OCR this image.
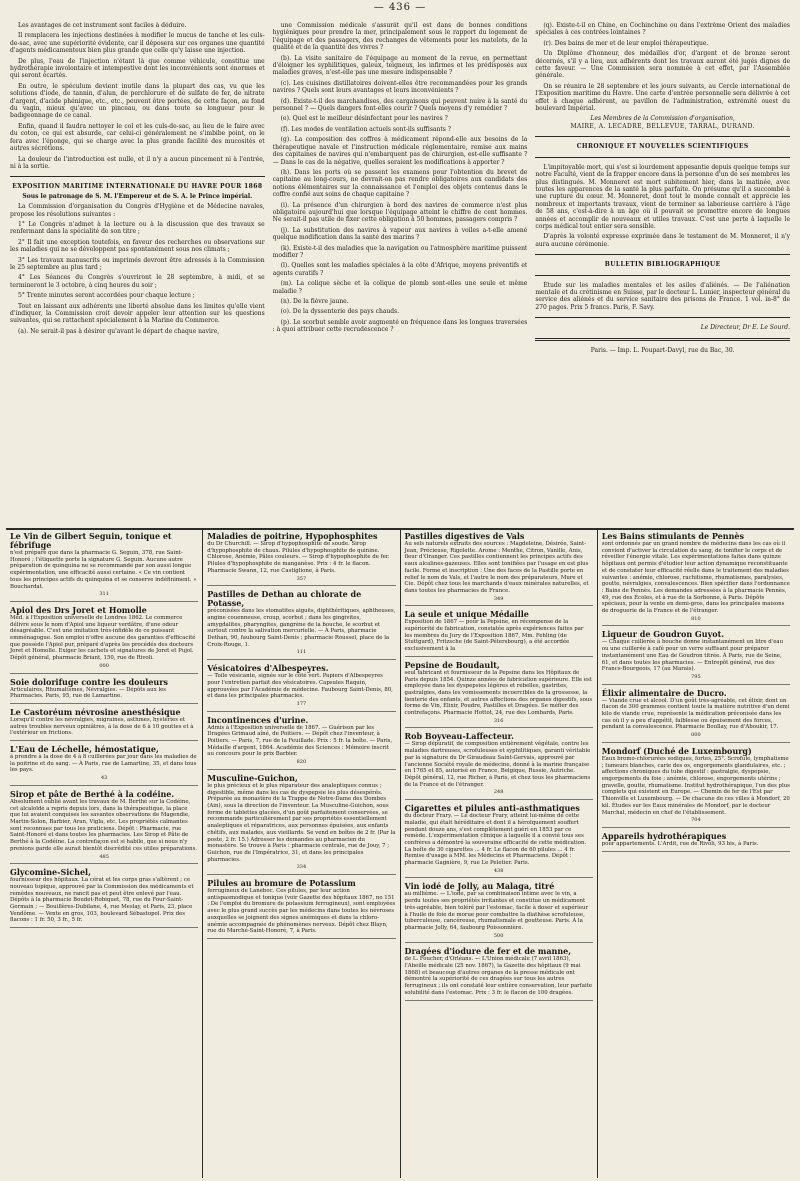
— 436 —

Les avantages de cet instrument sont faciles à déduire.

Il remplacera les injections destinées à modifier le mucus de tanche et les culs-de-sac, avec une supériorité évidente, car il déposera sur ces organes une quantité d'agents médicamenteux bien plus grande que celle qu'y laisse une injection.

De plus, l'eau de l'injection n'étant là que comme véhicule, constitue une hydrothérapie involontaire et intempestive dont les inconvénients sont énormes et qui seront écartés.

En outre, le spéculum devient inutile dans la plupart des cas, vu que les solutions d'iode, de tannin, d'alun, de perchlorure et de sulfate de fer, de nitrate d'argent, d'acide phénique, etc., etc., peuvent être portées, de cette façon, au fond du vagin, mieux qu'avec un pinceau, ou dans toute sa longueur pour le badigeonnage de ce canal.

Enfin, quand il faudra nettoyer le col et les culs-de-sac, au lieu de le faire avec du coton, ce qui est absurde, car celui-ci généralement ne s'imbibe point, on le fera avec l'éponge, qui se charge avec la plus grande facilité des mucosités et autres sécrétions.

La douleur de l'introduction est nulle, et il n'y a aucun pincement ni à l'entrée, ni à la sortie.

EXPOSITION MARITIME INTERNATIONALE DU HAVRE POUR 1868
Sous le patronage de S. M. l'Empereur et de S. A. le Prince impérial.

La Commission d'organisation du Congrès d'Hygiène et de Médecine navales, propose les résolutions suivantes :

1° Le Congrès n'admet à la lecture ou à la discussion que des travaux se renfermant dans la spécialité de son titre ;

2° Il fait une exception toutefois, en faveur des recherches ou observations sur les maladies qui ne se développent pas spontanément sous nos climats ;

3° Les travaux manuscrits ou imprimés devront être adressés à la Commission le 25 septembre au plus tard ;

4° Les Séances du Congrès s'ouvriront le 28 septembre, à midi, et se termineront le 3 octobre, à cinq heures du soir ;

5° Trente minutes seront accordées pour chaque lecture ;

Tout en laissant aux adhérents une liberté absolue dans les limites qu'elle vient d'indiquer, la Commission croit devoir appeler leur attention sur les questions suivantes, qui se rattachent spécialement à la Marine du Commerce.

(a). Ne serait-il pas à désirer qu'avant le départ de chaque navire,

une Commission médicale s'assurât qu'il est dans de bonnes conditions hygiéniques pour prendre la mer, principalement sous le rapport du logement de l'équipage et des passagers, des rechanges de vêtements pour les matelots, de la qualité et de la quantité des vivres ?

(b). La visite sanitaire de l'équipage au moment de la revue, en permettant d'éloigner les syphilitiques, galeux, teigneux, les infirmes et les prédisposés aux maladies graves, n'est-elle pas une mesure indispensable ?

(c). Les cuisines distillatoires doivent-elles être recommandées pour les grands navires ? Quels sont leurs avantages et leurs inconvénients ?

(d). Existe-t-il des marchandises, des cargaisons qui peuvent nuire à la santé du personnel ? — Quels dangers font-elles courir ? Quels moyens d'y remédier ?

(e). Quel est le meilleur désinfectant pour les navires ?

(f). Les modes de ventilation actuels sont-ils suffisants ?

(g). La composition des coffres à médicament répond-elle aux besoins de la thérapeutique navale et l'instruction médicale réglementaire, remise aux mains des capitaines de navires qui n'embarquent pas de chirurgien, est-elle suffisante ? — Dans le cas de la négative, quelles seraient les modifications à apporter ?

(h). Dans les ports où se passent les examens pour l'obtention du brevet de capitaine au long-cours, ne devrait-on pas rendre obligatoires aux candidats des notions élémentaires sur la connaissance et l'emploi des objets contenus dans le coffre confié aux soins de chaque capitaine ?

(i). La présence d'un chirurgien à bord des navires de commerce n'est plus obligatoire aujourd'hui que lorsque l'équipage atteint le chiffre de cent hommes. Ne serait-il pas utile de fixer cette obligation à 50 hommes, passagers compris ?

(j). La substitution des navires à vapeur aux navires à voiles a-t-elle amené quelque modification dans la santé des marins ?

(k). Existe-t-il des maladies que la navigation ou l'atmosphère maritime puissent modifier ?

(l). Quelles sont les maladies spéciales à la côte d'Afrique, moyens préventifs et agents curatifs ?

(m). La colique sèche et la colique de plomb sont-elles une seule et même maladie ?

(n). De la fièvre jaune.

(o). De la dyssenterie des pays chauds.

(p). Le scorbut semble avoir augmenté en fréquence dans les longues traversées : à quoi attribuer cette recrudescence ?

(q). Existe-t-il en Chine, en Cochinchine ou dans l'extrême Orient des maladies spéciales à ces contrées lointaines ?

(r). Des bains de mer et de leur emploi thérapeutique.

Un Diplôme d'honneur, des médailles d'or, d'argent et de bronze seront décernés, s'il y a lieu, aux adhérents dont les travaux auront été jugés dignes de cette faveur. — Une Commission sera nommée à cet effet, par l'Assemblée générale.

On se réunira le 28 septembre et les jours suivants, au Cercle international de l'Exposition maritime du Havre. Une carte d'entrée personnelle sera délivrée à cet effet à chaque adhérent, au pavillon de l'administration, extrémité ouest du boulevard Impérial.

Les Membres de la Commission d'organisation,
MAIRE, A. LECADRE, BELLEVUE, TARRAL, DURAND.
CHRONIQUE ET NOUVELLES SCIENTIFIQUES

L'impitoyable mort, qui s'est si lourdement appesantie depuis quelque temps sur notre Faculté, vient de la frapper encore dans la personne d'un de ses membres les plus distingués. M. Monneret est mort subitement hier, dans la matinée, avec toutes les apparences de la santé la plus parfaite. On présume qu'il a succombé à une rupture du cœur. M. Monneret, dont tout le monde connaît et apprécie les nombreux et importants travaux, vient de terminer sa laborieuse carrière à l'âge de 58 ans, c'est-à-dire à un âge où il pouvait se promettre encore de longues années et accomplir de nouveaux et utiles travaux. C'est une perte à laquelle le corps médical tout entier sera sensible.

D'après la volonté expresse exprimée dans le testament de M. Monneret, il n'y aura aucune cérémonie.

BULLETIN BIBLIOGRAPHIQUE

Étude sur les maladies mentales et les asiles d'aliénés. — De l'aliénation mentale et du crétinisme en Suisse, par le docteur L. Lunier, inspecteur général du service des aliénés et du service sanitaire des prisons de France. 1 vol. in-8° de 270 pages. Prix 5 francs. Paris, F. Savy.

Le Directeur, Dr E. Le Sourd.
Paris. — Imp. L. Poupart-Davyl, rue du Bac, 30.
Le Vin de Gilbert Seguin, tonique et fébrifuge
n'est préparé que dans la pharmacie G. Seguin, 378, rue Saint-Honoré ; l'étiquette porte la signature G. Seguin. Aucune autre préparation de quinquina ne se recommande par son aussi longue expérimentation, une efficacité aussi certaine. « Ce vin contient tous les principes actifs du quinquina et se conserve indéfiniment. » Bouchardat.
311
Apiol des Drs Joret et Homolle
Méd. à l'Exposition universelle de Londres 1862. Le commerce délivre sous le nom d'Apiol une liqueur verdâtre, d'une odeur désagréable. C'est une imitation très-infidèle de ce puissant emménagogue. Son emploi n'offre aucune des garanties d'efficacité que possède l'Apiol pur, préparé d'après les procédés des docteurs Joret et Homolle. Exiger les cachets et signatures de Joret et Pujol. Dépôt général, pharmacie Briant, 150, rue de Rivoli.
000
Soie dolorifuge contre les douleurs
Articulaires, Rhumatismes, Névralgies. — Dépôts aux les Pharmacies. Paris, 95, rue de Lamartine.
Le Castoréum névrosine anesthésique
Lorsqu'il contre les névralgies, migraines, asthmes, hystéries et autres troubles nerveux opiniâtres, à la dose de 6 à 10 gouttes et à l'extérieur en frictions.
L'Eau de Léchelle, hémostatique,
à prendre à la dose de 4 à 8 cuillerées par jour dans les maladies de la poitrine et du sang. — À Paris, rue de Lamartine, 35, et dans tous les pays.
43
Sirop et pâte de Berthé à la codéine.
Absolument oublié avant les travaux de M. Berthé sur la Codéine, cet alcaloïde a repris depuis lors, dans la thérapeutique, la place que lui avaient conquises les savantes observations de Magendie, Martin-Solon, Barbier, Aran, Vigla, etc. Les propriétés calmantes sont reconnues par tous les praticiens. Dépôt : Pharmacie, rue Saint-Honoré et dans toutes les pharmacies. Les Sirop et Pâte de Berthé à la Codéine. La contrefaçon est si habile, que si nous n'y prenions garde elle aurait bientôt discrédité ces utiles préparations.
485
Glycomine-Sichel,
fournisseur des hôpitaux. La cérat et les corps gras s'altèrent ; ce nouveau topique, approuvé par la Commission des médicaments et remèdes nouveaux, ne rancit pas et peut être enlevé par l'eau. Dépôts à la pharmacie Boudet-Robiquet, 78, rue du Four-Saint-Germain ; — Bouillères-Dubilane, 4, rue Meslay, et Paris, 23, place Vendôme. — Vente en gros, 103, boulevard Sébastopol. Prix des flacons : 1 fr. 50, 3 fr., 5 fr.
Maladies de poitrine, Hypophosphites
du Dr Churchill. — Sirop d'hypophosphite de soude. Sirop d'hypophosphite de chaux. Pilules d'hypophosphite de quinine. Chlorose, Anémie, Pâles couleurs. — Sirop d'hypophosphite de fer. Pilules d'hypophosphite de manganèse. Prix : 4 fr. le flacon. Pharmacie Swann, 12, rue Castiglione, à Paris.
357
Pastilles de Dethan au chlorate de Potasse,
préconisées dans les stomatites aiguës, diphthéritiques, aphtheuses, angine couenneuse, croup, scorbut ; dans les gingivites, amygdalites, pharyngites, gangrène de la bouche, le scorbut et surtout contre la salivation mercurielle. — À Paris, pharmacie Dethan, 90, faubourg Saint-Denis ; pharmacie Roussel, place de la Croix-Rouge, 1.
111
Vésicatoires d'Albespeyres.
— Toile vésicante, signée sur le côté vert. Papiers d'Albespeyres pour l'entretien parfait des vésicatoires. Capsules Raquin, approuvées par l'Académie de médecine. Faubourg Saint-Denis, 80, et dans les principales pharmacies.
177
Incontinences d'urine.
Admis à l'Exposition universelle de 1867. — Guérison par les Dragées Grimaud aîné, de Poitiers. — Dépôt chez l'inventeur, à Poitiers. — Paris, 7, rue de la Feuillade. Prix : 5 fr. la boîte. — Paris, Médaille d'argent, 1864. Académie des Sciences : Mémoire inscrit au concours pour le prix Barbier.
820
Musculine-Guichon,
le plus précieux et le plus réparateur des analeptiques connus ; digestible, même dans les cas de dyspepsie les plus désespérés. Préparée au monastère de la Trappe de Notre-Dame des Dombes (Ain), sous la direction de l'inventeur. La Musculine-Guichon, sous forme de tablettes glacées, d'un goût parfaitement conservées, se recommande particulièrement par ses propriétés essentiellement analeptiques et réparatrices, aux personnes épuisées, aux enfants chétifs, aux malades, aux vieillards. Se vend en boîtes de 2 fr. (Par la poste, 2 fr. 15.) Adresser les demandes au pharmacien du monastère. Se trouve à Paris : pharmacie centrale, rue de Jouy, 7 ; Guichon, rue de l'Impératrice, 31, et dans les principales pharmacies.
334
Pilules au bromure de Potassium
ferrugineux de Laneboc. Ces pilules, par leur action antispasmodique et tonique (voir Gazette des hôpitaux 1867, no 151 : De l'emploi du bromure de potassium ferrugineux), sont employées avec le plus grand succès par les médecins dans toutes les névroses auxquelles se joignent des signes anémiques et dans la chloro-anémie accompagnée de phénomènes nerveux. Dépôt chez Blayn, rue du Marché-Saint-Honoré, 7, à Paris.
Pastilles digestives de Vals
Au sels naturels extraits des sources : Magdeleine, Désirée, Saint-Jean, Précieuse, Rigolette. Arome : Menthe, Citron, Vanille, Anis, fleur d'Oranger. Ces pastilles contiennent les principes actifs des eaux alcalines-gazeuses. Elles sont tonifiées par l'usage en est plus facile. Forme et inscription : Une des faces de la Pastille porte en relief le nom de Vals, et l'autre le nom des préparateurs, Mure et Cie. Dépôt chez tous les marchands d'eaux minérales naturelles, et dans toutes les pharmacies de France.
349
La seule et unique Médaille
Exposition de 1867 — pour la Pepsine, en récompense de la supériorité de fabrication, constatée après expériences faites par les membres du Jury de l'Exposition 1867, Mm. Fehling (de Stuttgard), Fritzsche (de Saint-Pétersbourg), a été accordée exclusivement à la
Pepsine de Boudault,
seul fabricant et fournisseur de la Pepsine dans les Hôpitaux de Paris depuis 1854. Quinze années de fabrication supérieure. Elle est employée dans les dyspepsies légères et rebelles, gastrites, gastralgies, dans les vomissements incoercibles de la grossesse, la lienterie des enfants, et autres affections des organes digestifs, sous forme de Vin, Élixir, Poudre, Pastilles et Dragées. Se méfier des contrefaçons. Pharmacie Hottot, 24, rue des Lombards, Paris.
316
Rob Boyveau-Laffecteur.
— Sirop dépuratif, de composition entièrement végétale, contre les maladies dartreuses, scrofuleuses et syphilitiques, garanti véritable par la signature du Dr Giraudeau Saint-Gervais, approuvé par l'ancienne Société royale de médecine, donné à la marine française en 1765 et 85, autorisé en France, Belgique, Russie, Autriche. Dépôt général, 12, rue Richer, à Paris, et chez tous les pharmaciens de la France et de l'étranger.
248
Cigarettes et pilules anti-asthmatiques
du docteur Frary. — Le docteur Frary, atteint lui-même de cette maladie, qui était héréditaire et dont il a héroïquement souffert pendant douze ans, s'est complètement guéri en 1853 par ce remède. L'expérimentation clinique à laquelle il a convié tous ses confrères a démontré la souveraine efficacité de cette médication. La boîte de 30 cigarettes ... 4 fr. Le flacon de 60 pilules ... 4 fr. Remise d'usage à MM. les Médecins et Pharmaciens. Dépôt : pharmacie Gagnière, 9, rue Le Peletier. Paris.
438
Vin iodé de Jolly, au Malaga, titré
au millième. — L'iode, par sa combinaison intime avec le vin, a perdu toutes ses propriétés irritantes et constitue un médicament très-agréable, bien toléré par l'estomac, facile à doser et supérieur à l'huile de foie de morue pour combattre la diathèse scrofuleuse, tuberculeuse, cancéreuse, rhumatismale et goutteuse. Paris. À la pharmacie Jolly, 64, faubourg Poissonnière.
500
Dragées d'iodure de fer et de manne,
de L. Foucher, d'Orléans. — L'Union médicale (7 avril 1863), l'Abeille médicale (25 nov. 1867), la Gazette des hôpitaux (9 mai 1868) et beaucoup d'autres organes de la presse médicale ont démontré la supériorité de ces dragées sur tous les autres ferrugineux ; ils ont constaté leur entière conservation, leur parfaite solubilité dans l'estomac. Prix : 3 fr. le flacon de 100 dragées.
Les Bains stimulants de Pennès
sont ordonnés par un grand nombre de médecins dans les cas où il convient d'activer la circulation du sang, de tonifier le corps et de réveiller l'énergie vitale. Les expérimentations faites dans quinze hôpitaux ont permis d'étudier leur action dynamique reconstituante et de constater leur efficacité réelle dans le traitement des maladies suivantes : anémie, chlorose, rachitisme, rhumatismes, paralysies, goutte, névralgies, convalescences. Bien spécifier dans l'ordonnance : Bains de Pennès. Les demandes adressées à la pharmacie Pennès, 49, rue des Écoles, et à rue de la Sorbonne, à Paris. Dépôts spéciaux, pour la vente en demi-gros, dans les principales maisons de droguerie de la France et de l'étranger.
810
Liqueur de Goudron Guyot.
— Chaque cuillerée à bouche donne instantanément un litre d'eau ou une cuillerée à café pour un verre suffisant pour préparer instantanément une Eau de Goudron titrée. À Paris, rue de Seine, 61, et dans toutes les pharmacies. — Entrepôt général, rue des Francs-Bourgeois, 17 (au Marais).
795
Élixir alimentaire de Ducro.
— Viande crue et alcool. D'un goût très-agréable, cet élixir, dont un flacon de 300 grammes contient toute la matière nutritive d'un demi kilo de viande crue, représente la médication préconisée dans les cas où il y a peu d'appétit, faiblesse ou épuisement des forces, pendant la convalescence. Pharmacie Boullay, rue d'Aboukir, 17.
000
Mondorf (Duché de Luxembourg)
Eaux bromo-chlorurées sodiques, fortes, 25°. Scrofule, lymphatisme ; tumeurs blanches, carie des os, engorgements glandulaires, etc. ; affections chroniques du tube digestif : gastralgie, dyspepsie, engorgements du foie ; anémie, chlorose, engorgements utérins ; gravelle, goutte, rhumatisme. Institut hydrothérapique, l'un des plus complets qui existent en Europe. — Chemin de fer de l'Est par Thionville et Luxembourg. — De chacune de ces villes à Mondorf, 20 kil. Études sur les Eaux minérales de Mondorf, par le docteur Marchal, médecin en chef de l'établissement.
704
Appareils hydrothérapiques
pour appartements. L'Ardit, rue de Rivoli, 93 bis, à Paris.
